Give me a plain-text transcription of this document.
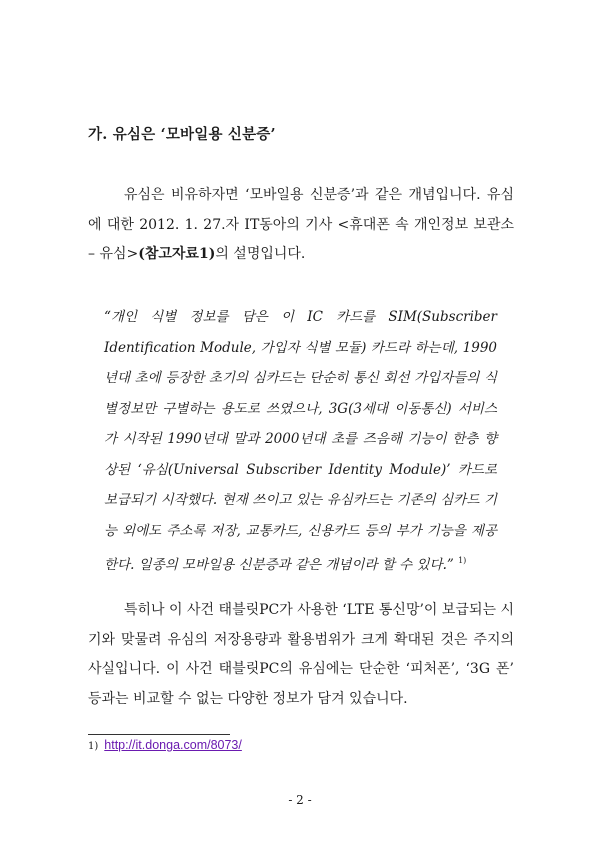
가. 유심은 ‘모바일용 신분증’

유심은 비유하자면 ‘모바일용 신분증’과 같은 개념입니다. 유심에 대한 2012. 1. 27.자 IT동아의 기사 <휴대폰 속 개인정보 보관소 – 유심>(참고자료1)의 설명입니다.

“개인 식별 정보를 담은 이 IC 카드를 SIM(Subscriber Identification Module, 가입자 식별 모듈) 카드라 하는데, 1990년대 초에 등장한 초기의 심카드는 단순히 통신 회선 가입자들의 식별정보만 구별하는 용도로 쓰였으나, 3G(3세대 이동통신) 서비스가 시작된 1990년대 말과 2000년대 초를 즈음해 기능이 한층 향상된 ‘유심(Universal Subscriber Identity Module)’ 카드로 보급되기 시작했다. 현재 쓰이고 있는 유심카드는 기존의 심카드 기능 외에도 주소록 저장, 교통카드, 신용카드 등의 부가 기능을 제공한다. 일종의 모바일용 신분증과 같은 개념이라 할 수 있다.” $^{1)}$

특히나 이 사건 태블릿PC가 사용한 ‘LTE 통신망’이 보급되는 시기와 맞물려 유심의 저장용량과 활용범위가 크게 확대된 것은 주지의 사실입니다. 이 사건 태블릿PC의 유심에는 단순한 ‘피처폰’, ‘3G 폰’ 등과는 비교할 수 없는 다양한 정보가 담겨 있습니다.

1) http://it.donga.com/8073/
- 2 -
